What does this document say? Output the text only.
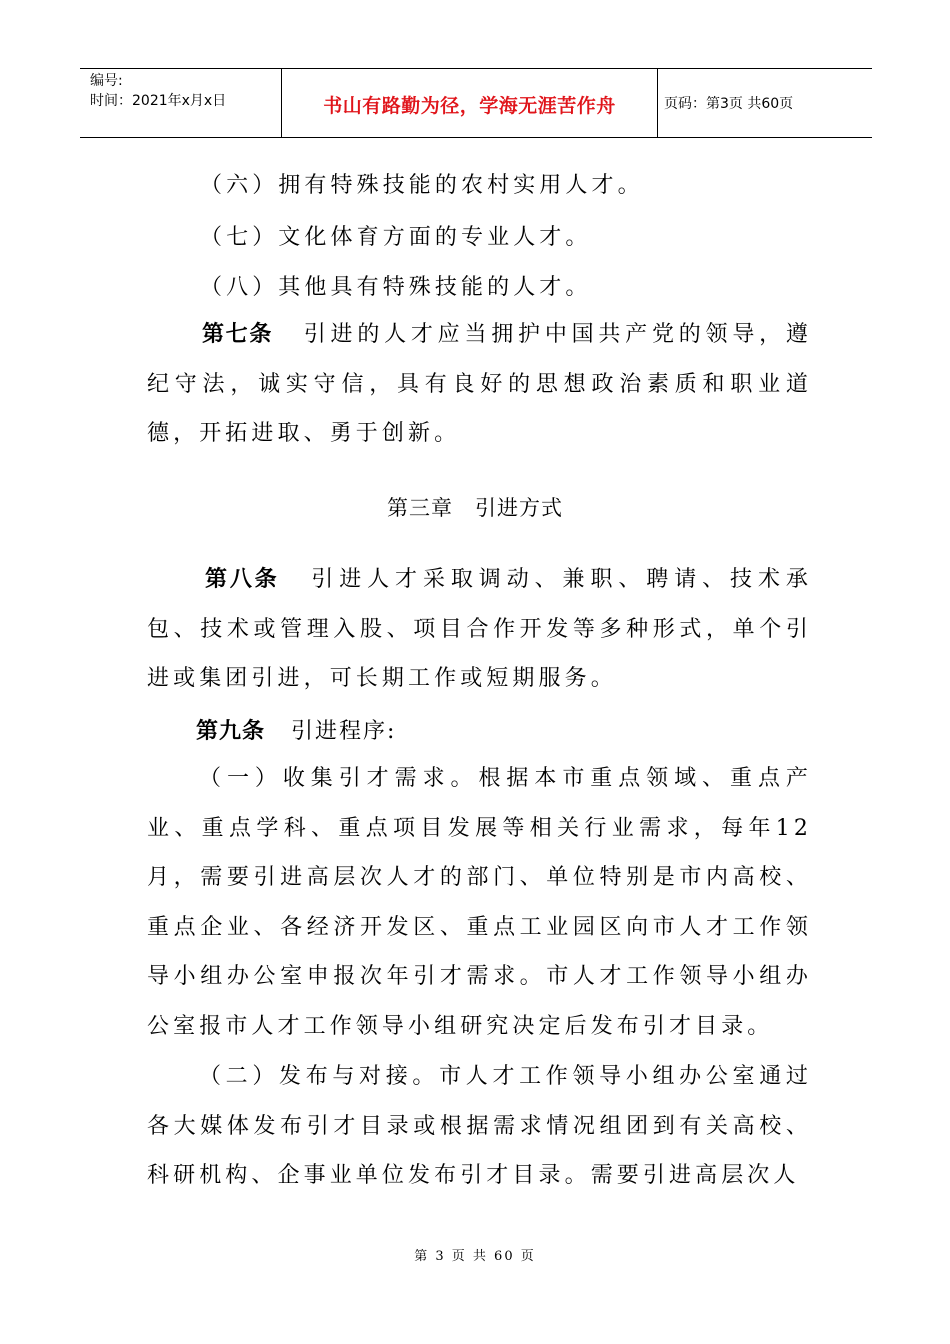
编号:
时间：2021年x月x日	书山有路勤为径，学海无涯苦作舟	页码：第3页 共60页
（六）拥有特殊技能的农村实用人才。
（七）文化体育方面的专业人才。
（八）其他具有特殊技能的人才。
第七条 引进的人才应当拥护中国共产党的领导，遵纪守法，诚实守信，具有良好的思想政治素质和职业道德，开拓进取、勇于创新。
第三章　引进方式
第八条 引进人才采取调动、兼职、聘请、技术承包、技术或管理入股、项目合作开发等多种形式，单个引进或集团引进，可长期工作或短期服务。
第九条 引进程序:
（一）收集引才需求。根据本市重点领域、重点产业、重点学科、重点项目发展等相关行业需求，每年12月，需要引进高层次人才的部门、单位特别是市内高校、重点企业、各经济开发区、重点工业园区向市人才工作领导小组办公室申报次年引才需求。市人才工作领导小组办公室报市人才工作领导小组研究决定后发布引才目录。
（二）发布与对接。市人才工作领导小组办公室通过各大媒体发布引才目录或根据需求情况组团到有关高校、科研机构、企事业单位发布引才目录。需要引进高层次人
第 3 页 共 60 页
